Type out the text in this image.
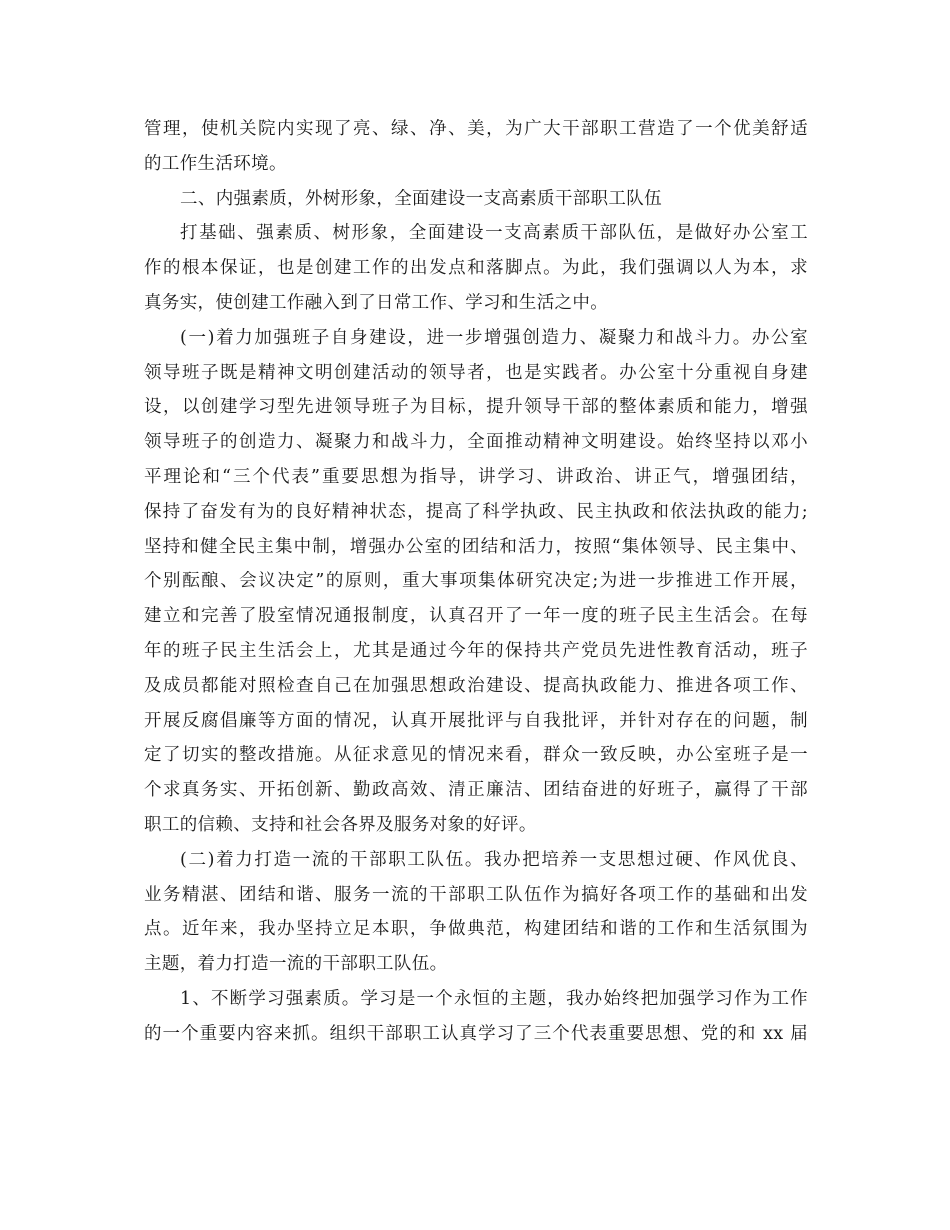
管理，使机关院内实现了亮、绿、净、美，为广大干部职工营造了一个优美舒适
的工作生活环境。
二、内强素质，外树形象，全面建设一支高素质干部职工队伍
打基础、强素质、树形象，全面建设一支高素质干部队伍，是做好办公室工
作的根本保证，也是创建工作的出发点和落脚点。为此，我们强调以人为本，求
真务实，使创建工作融入到了日常工作、学习和生活之中。
(一)着力加强班子自身建设，进一步增强创造力、凝聚力和战斗力。办公室
领导班子既是精神文明创建活动的领导者，也是实践者。办公室十分重视自身建
设，以创建学习型先进领导班子为目标，提升领导干部的整体素质和能力，增强
领导班子的创造力、凝聚力和战斗力，全面推动精神文明建设。始终坚持以邓小
平理论和“三个代表”重要思想为指导，讲学习、讲政治、讲正气，增强团结，
保持了奋发有为的良好精神状态，提高了科学执政、民主执政和依法执政的能力;
坚持和健全民主集中制，增强办公室的团结和活力，按照“集体领导、民主集中、
个别酝酿、会议决定”的原则，重大事项集体研究决定;为进一步推进工作开展，
建立和完善了股室情况通报制度，认真召开了一年一度的班子民主生活会。在每
年的班子民主生活会上，尤其是通过今年的保持共产党员先进性教育活动，班子
及成员都能对照检查自己在加强思想政治建设、提高执政能力、推进各项工作、
开展反腐倡廉等方面的情况，认真开展批评与自我批评，并针对存在的问题，制
定了切实的整改措施。从征求意见的情况来看，群众一致反映，办公室班子是一
个求真务实、开拓创新、勤政高效、清正廉洁、团结奋进的好班子，赢得了干部
职工的信赖、支持和社会各界及服务对象的好评。
(二)着力打造一流的干部职工队伍。我办把培养一支思想过硬、作风优良、
业务精湛、团结和谐、服务一流的干部职工队伍作为搞好各项工作的基础和出发
点。近年来，我办坚持立足本职，争做典范，构建团结和谐的工作和生活氛围为
主题，着力打造一流的干部职工队伍。
1、不断学习强素质。学习是一个永恒的主题，我办始终把加强学习作为工作
的一个重要内容来抓。组织干部职工认真学习了三个代表重要思想、党的和 xx 届
